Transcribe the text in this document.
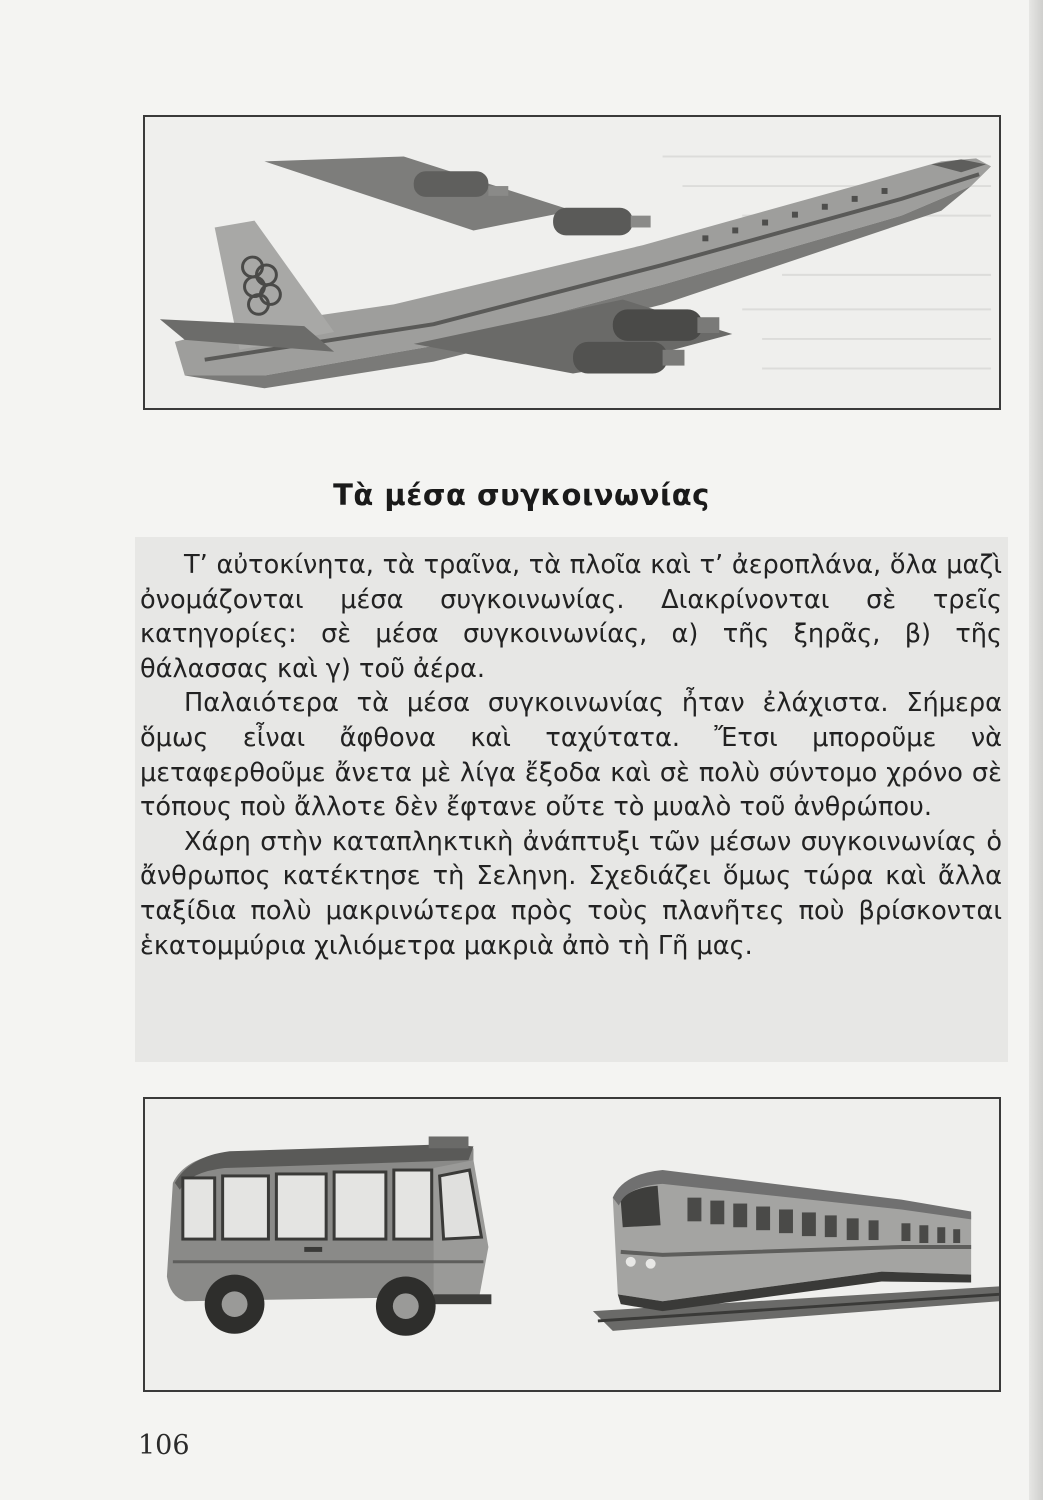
Τὰ μέσα συγκοινωνίας

Τ’ αὐτοκίνητα, τὰ τραῖνα, τὰ πλοῖα καὶ τ’ ἀεροπλάνα, ὅλα μαζὶ ὀνομάζονται μέσα συγκοινωνίας. Διακρίνονται σὲ τρεῖς κατηγορίες: σὲ μέσα συγκοινωνίας, α) τῆς ξηρᾶς, β) τῆς θάλασσας καὶ γ) τοῦ ἀέρα.

Παλαιότερα τὰ μέσα συγκοινωνίας ἦταν ἐλάχιστα. Σήμερα ὅμως εἶναι ἄφθονα καὶ ταχύτατα. Ἔτσι μποροῦμε νὰ μεταφερθοῦμε ἄνετα μὲ λίγα ἔξοδα καὶ σὲ πολὺ σύντομο χρόνο σὲ τόπους ποὺ ἄλλοτε δὲν ἔφτανε οὔτε τὸ μυαλὸ τοῦ ἀνθρώπου.

Χάρη στὴν καταπληκτικὴ ἀνάπτυξι τῶν μέσων συγκοινωνίας ὁ ἄνθρωπος κατέκτησε τὴ Σεληνη. Σχεδιάζει ὅμως τώρα καὶ ἄλλα ταξίδια πολὺ μακρινώτερα πρὸς τοὺς πλανῆτες ποὺ βρίσκονται ἑκατομμύρια χιλιόμετρα μακριὰ ἀπὸ τὴ Γῆ μας.

106
